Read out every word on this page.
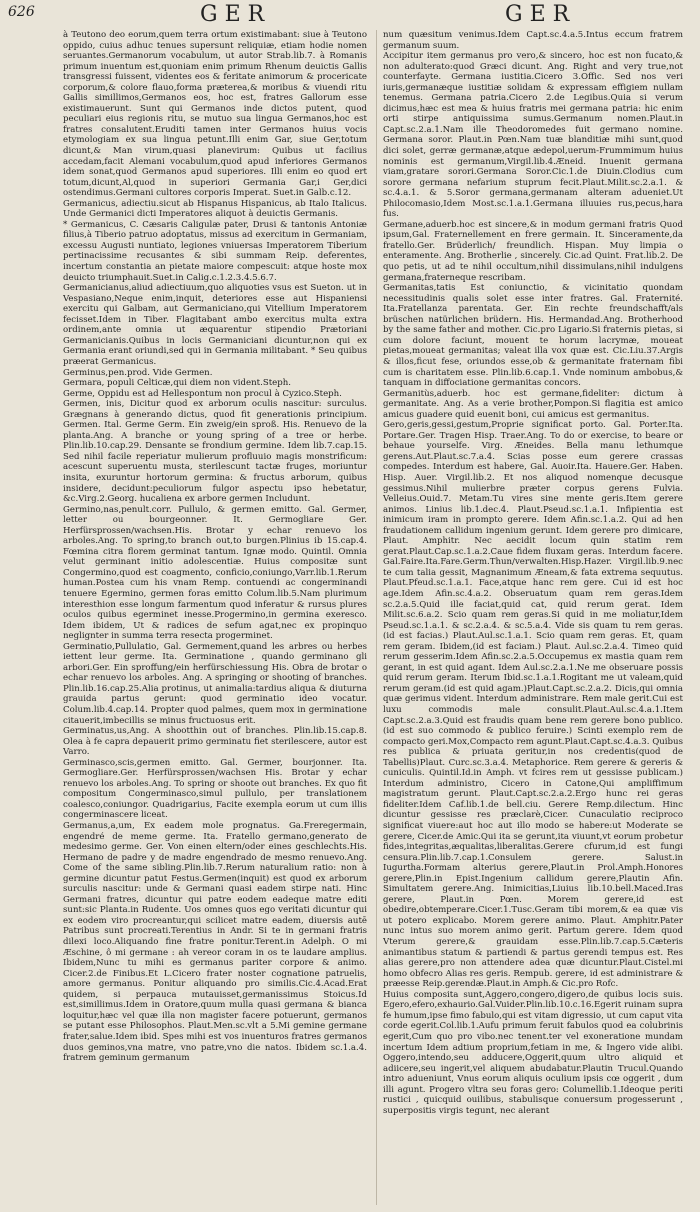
626	GER	GER

à Teutono deo eorum,quem terra ortum existimabant: siue à Teutono oppido, cuius adhuc tenues supersunt reliquiæ, etiam hodie nomen seruantes.Germanorum vocabulum, ut autor Strab.lib.7. à Romanis primum inuentum est,quoniam enim primum Rhenum deuictis Gallis transgressi fuissent, videntes eos & feritate animorum & procericate corporum,& colore flauo,forma præterea,& moribus & viuendi ritu Gallis simillimos,Germanos eos, hoc est, fratres Gallorum esse existimauerunt. Sunt qui Germanos inde dictos putent, quod peculiari eius regionis ritu, se mutuo sua lingua Germanos,hoc est fratres consalutent.Eruditi tamen inter Germanos huius vocis etymologiam ex sua lingua petunt.Illi enim Gar, siue Ger,totum dicunt,& Man virum,quasi planevirum: Quibus ut facilius accedam,facit Alemani vocabulum,quod apud inferiores Germanos idem sonat,quod Germanos apud superiores. Illi enim eo quod ert totum,dicunt,Al,quod in superiori Germania Gar,i Ger,dici ostendimus.Germani cultores corporis Imperat. Suet.in Galb.c.12.

Germanicus, adiectiu.sicut ab Hispanus Hispanicus, ab Italo Italicus. Unde Germanici dicti Imperatores aliquot à deuictis Germanis.

* Germanicus, C. Cæsaris Caligulæ pater, Drusi & tantonis Antoniæ filius,à Tiberio patruo adoptatus, missus ad exercitum in Germaniam, excessu Augusti nuntiato, legiones vniuersas Imperatorem Tiberium pertinacissime recusantes & sibi summam Reip. deferentes, incertum constantia an pietate maiore compescuit: atque hoste mox deuicto triumphauit.Suet.in Calig.c.1.2.3.4.5.6.7.

Germanicianus,aliud adiectiuum,quo aliquoties vsus est Sueton. ut in Vespasiano,Neque enim,inquit, deteriores esse aut Hispaniensi exercitu qui Galbam, aut Germaniciano,qui Vitellium Imperatorem fecisset.Idem in Tiber. Flagitabant ambo exercitus multa extra ordinem,ante omnia ut æquarentur stipendio Prætoriani Germanicianis.Quibus in locis Germaniciani dicuntur,non qui ex Germania erant oriundi,sed qui in Germania militabant. * Seu quibus præerat Germanicus.

Germinus,pen.prod. Vide Germen.

Germara, populi Celticæ,qui diem non vident.Steph.

Germe, Oppidu est ad Hellespontum non procul à Cyzico.Steph.

Germen, inis, Dicitur quod ex arborum oculis nascitur: surculus. Grægnans à generando dictus, quod fit generationis principium. Germen. Ital. Germe Germ. Ein zweig/ein sproß. His. Renuevo de la planta.Ang. A branche or young spring of a tree or herbe. Plin.lib.10.cap.29. Densante se frondium germine. Idem lib.7.cap.15. Sed nihil facile reperiatur mulierum profluuio magis monstrificum: acescunt superuentu musta, sterilescunt tactæ fruges, moriuntur insita, exuruntur hortorum germina: & fructus arborum, quibus insidere, decidunt:peculiorum fulgor aspectu ipso hebetatur, &c.Virg.2.Georg. hucaliena ex arbore germen Includunt.

Germino,nas,penult.corr. Pullulo, & germen emitto. Gal. Germer, letter ou bourgeonner. It. Germogliare Ger. Herfürsprossen/wachsen.His. Brotar y echar renuevo los arboles.Ang. To spring,to branch out,to burgen.Plinius ib 15.cap.4. Fœmina citra florem germinat tantum. Ignæ modo. Quintil. Omnia velut germinant initio adolescentiæ. Huius compositæ sunt Congermino,quod est coagmento, conficio,coniungo,Varr.lib.1.Rerum human.Postea cum his vnam Remp. contuendi ac congerminandi tenuere Egermino, germen foras emitto Colum.lib.5.Nam plurimum interesthion esse longum farmentum quod inferatur & rursus plures oculos quibus egerminet inesse.Progermino,in germina exeresco. Idem ibidem, Ut & radices de sefum agat,nec ex propinquo neglignter in summa terra resecta progerminet.

Germinatio,Pullulatio, Gal. Germement,quand les arbres ou herbes iettent leur germe. Ita. Germinatione , quando germinano gli arbori.Ger. Ein sproffung/ein herfürschiessung His. Obra de brotar o echar renuevo los arboles. Ang. A springing or shooting of branches. Plin.lib.16.cap.25.Alia protinus, ut animalia:tardius aliqua & diuturna grauida partus gerunt: quod germinatio ideo vocatur. Colum.lib.4.cap.14. Propter quod palmes, quem mox in germinatione citauerit,imbecillis se minus fructuosus erit.

Germinatus,us,Ang. A shootthin out of branches. Plin.lib.15.cap.8. Olea à fe capra depauerit primo germinatu fiet sterilescere, autor est Varro.

Germinasco,scis,germen emitto. Gal. Germer, bourjonner. Ita. Germogliare.Ger. Herfürsprossen/wachsen His. Brotar y echar renuevo los arboles.Ang. To spring or shoote out branches. Ex quo fit compositum Congerminasco,simul pullulo, per translationem coalesco,coniungor. Quadrigarius, Facite exempla eorum ut cum illis congerminascere liceat.

Germanus,a,um, Ex eadem mole prognatus. Ga.Freregermain, engendré de meme germe. Ita. Fratello germano,generato de medesimo germe. Ger. Von einen eltern/oder eines geschlechts.His. Hermano de padre y de madre engendrado de mesmo renuevo.Ang. Come of the same sibling.Plin.lib.7.Rerum naturalium ratio: non à germine dicuntur patut Festus.Germen(inquit) est quod ex arborum surculis nascitur: unde & Germani quasi eadem stirpe nati. Hinc Germani fratres, dicuntur qui patre eodem eadeque matre editi sunt:sic Planta.in Rudente. Uos omnes quos ego veritati dicuntur qui ex eodem viro procreantur,qui scilicet matre eadem, diuersis autē Patribus sunt procreati.Terentius in Andr. Si te in germani fratris dilexi loco.Aliquando fine fratre ponitur.Terent.in Adelph. O mi Æschine, ô mi germane : ah vereor coram in os te laudare amplius. Ibidem,Nunc tu mihi es germanus pariter corpore & animo. Cicer.2.de Finibus.Et L.Cicero frater noster cognatione patruelis, amore germanus. Ponitur aliquando pro similis.Cic.4.Acad.Erat quidem, si perpauca mutauisset,germanissimus Stoicus.Id est,simillimus.Idem in Oratore,quum mulla quasi germana & bianca loquitur,hæc vel quæ illa non magister facere potuerunt, germanos se putant esse Philosophos. Plaut.Men.sc.vlt a 5.Mi gemine germane frater,salue.Idem ibid. Spes mihi est vos inuenturos fratres germanos duos geminos,vna matre, vno patre,vno die natos. Ibidem sc.1.a.4. fratrem geminum germanum

num quæsitum venimus.Idem Capt.sc.4.a.5.Intus eccum fratrem germanum suum.

Accipitur item germanus pro vero,& sincero, hoc est non fucato,& non adulterato:quod Græci dicunt. Ang. Right and very true,not counterfayte. Germana iustitia.Cicero 3.Offic. Sed nos veri iuris,germanæque iustitiæ solidam & expressam effigiem nullam tenemus. Germana patria.Cicero 2.de Legibus.Quia si verum dicimus,hæc est mea & huius fratris mei germana patria: hic enim orti stirpe antiquissima sumus.Germanum nomen.Plaut.in Capt.sc.2.a.1.Nam ille Theodoromedes fuit germano nomine. Germana soror. Plaut.in Pœn.Nam tuæ blanditiæ mihi sunt,quod dici solet, gerræ germanæ,atque ædepol,uerum-Frummimum huius nominis est germanum,Virgil.lib.4.Æneid. Inuenit germana viam,gratare sorori.Germana Soror.Cic.1.de Diuin.Clodius cum sorore germana nefarium stuprum fecit.Plaut.Milit.sc.2.a.1. & sc.4.a.1. & 5.Soror germana,germanam alteram adueniet.Ut Philocomasio,Idem Most.sc.1.a.1.Germana illuuies rus,pecus,hara fus.

Germane,aduerb.hoc est sincere,& in modum germani fratris Quod ipsum,Gal. Fraternellement en frere germain. It. Sinceramente,da fratello.Ger. Brüderlich/ freundlich. Hispan. Muy limpia o enteramente. Ang. Brotherlie , sincerely. Cic.ad Quint. Frat.lib.2. De quo petis, ut ad te nihil occultum,nihil dissimulans,nihil indulgens germana,fraterneque rescribam.

Germanitas,tatis Est coniunctio, & vicinitatio quondam necessitudinis qualis solet esse inter fratres. Gal. Fraternité. Ita.Fratellanza parentata. Ger. Ein rechte freundschafft/als brüschen natürlichen brüdern. His. Hermandad.Ang. Brotherhood by the same father and mother. Cic.pro Ligario.Si fraternis pietas, si cum dolore faciunt, mouent te horum lacrymæ, moueat pietas,moueat germanitas; valeat illa vox quæ est. Cic.Liu.37.Argis & illos,ficut fese, oriundos esse,ob & germanitate fraternam fibi cum is charitatem esse. Plin.lib.6.cap.1. Vnde nominum ambobus,& tanquam in diffociatione germanitas concors.

Germanitùs,aduerb. hoc est germane,fideliter: dictum à germanitate. Ang. As a verie brother,Pompon.Si flagitia est amico amicus guadere quid euenit boni, cui amicus est germanitus.

Gero,geris,gessi,gestum,Proprie significat porto. Gal. Porter.Ita. Portare.Ger. Tragen Hisp. Traer.Ang. To do or exercise, to beare or behaue yourselfe. Virg. Æneides. Bella manu lethumque gerens.Aut.Plaut.sc.7.a.4. Scias posse eum gerere crassas compedes. Interdum est habere, Gal. Auoir.Ita. Hauere.Ger. Haben. Hisp. Auer. Virgil.lib.2. Et nos aliquod nomenque decusque gessimus.Nihil mulierbre præter corpus gerens Fulvia. Velleius.Ouid.7. Metam.Tu vires sine mente geris.Item gerere animos. Linius lib.1.dec.4. Plaut.Pseud.sc.1.a.1. Infipientia est inimicum iram in prompto gerere. Idem Afin.sc.1.a.2. Qui ad hen fraudationem callidum ingenium gerunt. Idem gerere pro dimicare, Plaut. Amphitr. Nec aecidit locum quin statim rem gerat.Plaut.Cap.sc.1.a.2.Caue fidem fluxam geras. Interdum facere. Gal.Faire.Ita.Fare.Germ.Thun/verwalten.Hisp.Hazer. Virgil.lib.9.nec te cum talia gessit, Magnanimum Æneam,& fata extrema sequutus. Plaut.Pfeud.sc.1.a.1. Face,atque hanc rem gere. Cui id est hoc age.Idem Afin.sc.4.a.2. Obseruatum quam rem geras.Idem sc.2.a.5.Quid ille faciat,quid cat, quid rerum gerat. Idem Milit.sc.6.a.2. Scio quam rem geras.Si quid in me moliatur,Idem Pseud.sc.1.a.1. & sc.2.a.4. & sc.5.a.4. Vide sis quam tu rem geras.(id est facias.) Plaut.Aul.sc.1.a.1. Scio quam rem geras. Et, quam rem geram. Ibidem,(id est faciam.) Plaut. Aul.sc.2.a.4. Timeo quid rerum gesserim.Idem Afin.sc.2.a.5.Occupemus ex mastia quam rem gerant, in est quid agant. Idem Aul.sc.2.a.1.Ne me obseruare possis quid rerum geram. Iterum Ibid.sc.1.a.1.Rogitant me ut valeam,quid rerum geram.(id est quid agam.)Plaut.Capt.sc.2.a.2. Dicis,qui omnia quæ gerimus vident. Interdum administrare. Rem male gerit.Cui est luxu commodis male consulit.Plaut.Aul.sc.4.a.1.Item Capt.sc.2.a.3.Quid est fraudis quam bene rem gerere bono publico.(id est suo commodo & publico feruire.) Scinti exemplo rem de compacto geri.Mox,Compacto rem agunt.Plaut.Capt.sc.4.a.3. Quibus res publica & priuata geritur,in nos credentis(quod de Tabellis)Plaut. Curc.sc.3.a.4. Metaphorice. Rem gerere & gereris & cuniculis. Quintil.Id.in Amph. vt fcires rem ut gessisse publicam.) Interdum administro, Cicero in Catone,Qui ampliffimum magistratum gerunt. Plaut.Capt.sc.2.a.2.Ergo hunc rei geras fideliter.Idem Caf.lib.1.de bell.ciu. Gerere Remp.dilectum. Hinc dicuntur gessisse res præclarè,Cicer. Cunaculatio reciproco significat viuere:aut hoc aut illo modo se habere:ut Moderate se gerere, Cicer.de Amic.Qui ita se gerunt,ita viuunt,vt eorum probetur fides,integritas,æqualitas,liberalitas.Gerere cfurum,id est fungi censura.Plin.lib.7.cap.1.Consulem gerere. Salust.in Iugurtha.Formam alterius gerere,Plaut.in Prol.Amph.Honores gerere,Plin.in Epist.Ingenium callidum gerere,Plautin Afin. Simultatem gerere.Ang. Inimicitias,Liuius lib.10.bell.Maced.Iras gerere, Plaut.in Pœn. Morem gerere,id est obedire,obtemperare.Cicer.1.Tusc.Geram tibi morem,& ea quæ vis ut potero explicabo. Morem gerere animo. Plaut. Amphitr.Pater nunc intus suo morem animo gerit. Partum gerere. Idem quod Vterum gerere,& grauidam esse.Plin.lib.7.cap.5.Cæteris animantibus statum & partiendi & partus gerendi tempus est. Res alias gerere,pro non attendere adea quæ dicuntur.Plaut.Cistel.mi homo obfecro Alias res geris. Rempub. gerere, id est administrare & præesse Reip.gerendæ.Plaut.in Amph.& Cic.pro Rofc.

Huius composita sunt,Aggero,congero,digero,de quibus locis suis. Egero,efero,exhaurio.Gal.Vuider.Plin.lib.10.c.16.Egerit ruinam supra fe humum,ipse fimo fabulo,qui est vitam digressio, ut cum caput vita corde egerit.Col.lib.1.Aufu primum feruit fabulos quod ea colubrinis egerit,Cum quo pro vibo.nec tenent.ter vel exoneratione mundam incertum Idem adtium proprium,fetiam in me, & Ingero vide alibi. Oggero,intendo,seu adducere,Oggerit,quum ultro aliquid et adiicere,seu ingerit,vel aliquem abudabatur.Plautin Trucul.Quando intro adueniunt, Vnus eorum aliquis oculium ipsis cœ oggerit , dum illi agunt. Progero vltra seu foras gero: Columellib.1.Ideoque periti rustici , quicquid ouilibus, stabulisque conuersum progesserunt , superpositis virgis tegunt, nec alerant
